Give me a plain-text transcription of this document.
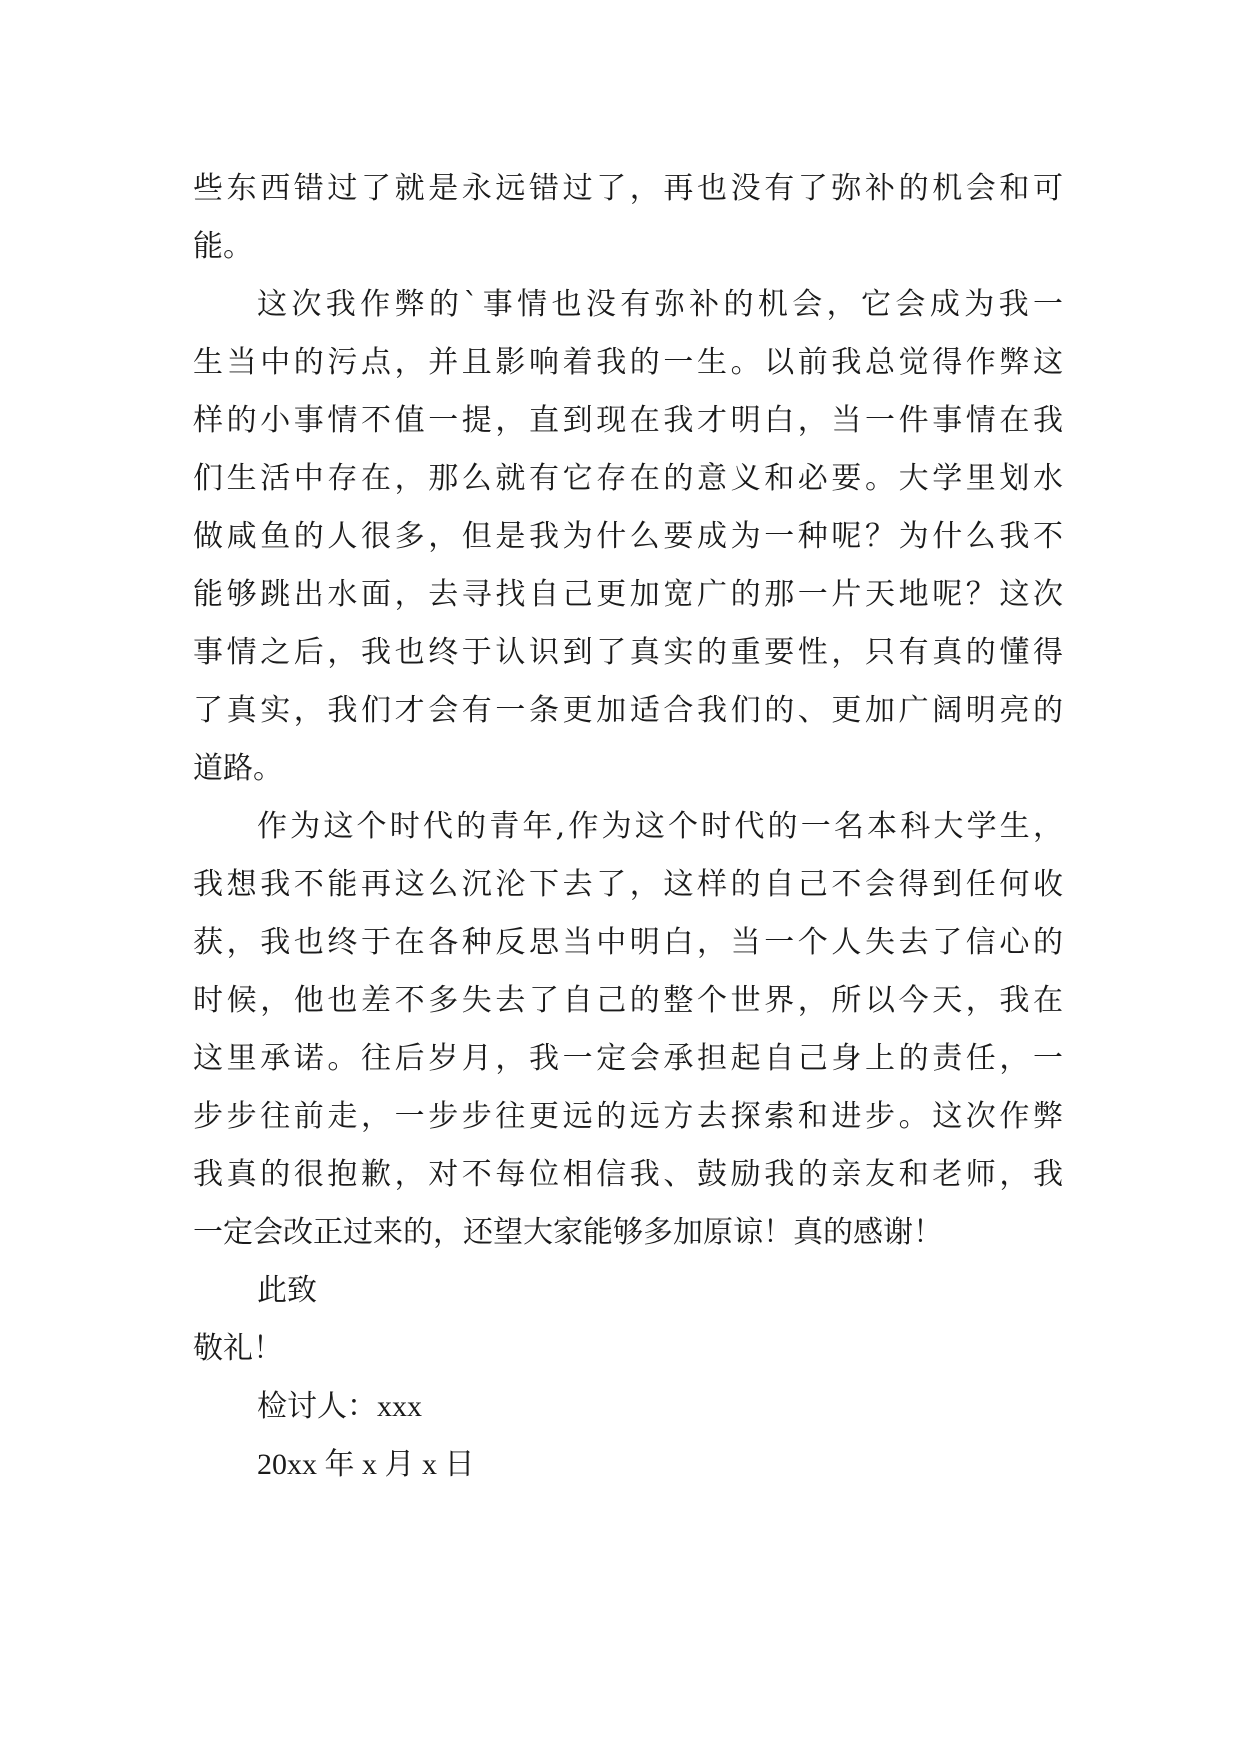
些东西错过了就是永远错过了，再也没有了弥补的机会和可
能。
这次我作弊的`事情也没有弥补的机会，它会成为我一
生当中的污点，并且影响着我的一生。以前我总觉得作弊这
样的小事情不值一提，直到现在我才明白，当一件事情在我
们生活中存在，那么就有它存在的意义和必要。大学里划水
做咸鱼的人很多，但是我为什么要成为一种呢？为什么我不
能够跳出水面，去寻找自己更加宽广的那一片天地呢？这次
事情之后，我也终于认识到了真实的重要性，只有真的懂得
了真实，我们才会有一条更加适合我们的、更加广阔明亮的
道路。
作为这个时代的青年,作为这个时代的一名本科大学生，
我想我不能再这么沉沦下去了，这样的自己不会得到任何收
获，我也终于在各种反思当中明白，当一个人失去了信心的
时候，他也差不多失去了自己的整个世界，所以今天，我在
这里承诺。往后岁月，我一定会承担起自己身上的责任，一
步步往前走，一步步往更远的远方去探索和进步。这次作弊
我真的很抱歉，对不每位相信我、鼓励我的亲友和老师，我
一定会改正过来的，还望大家能够多加原谅！真的感谢！
此致
敬礼！
检讨人：xxx
20xx 年 x 月 x 日
